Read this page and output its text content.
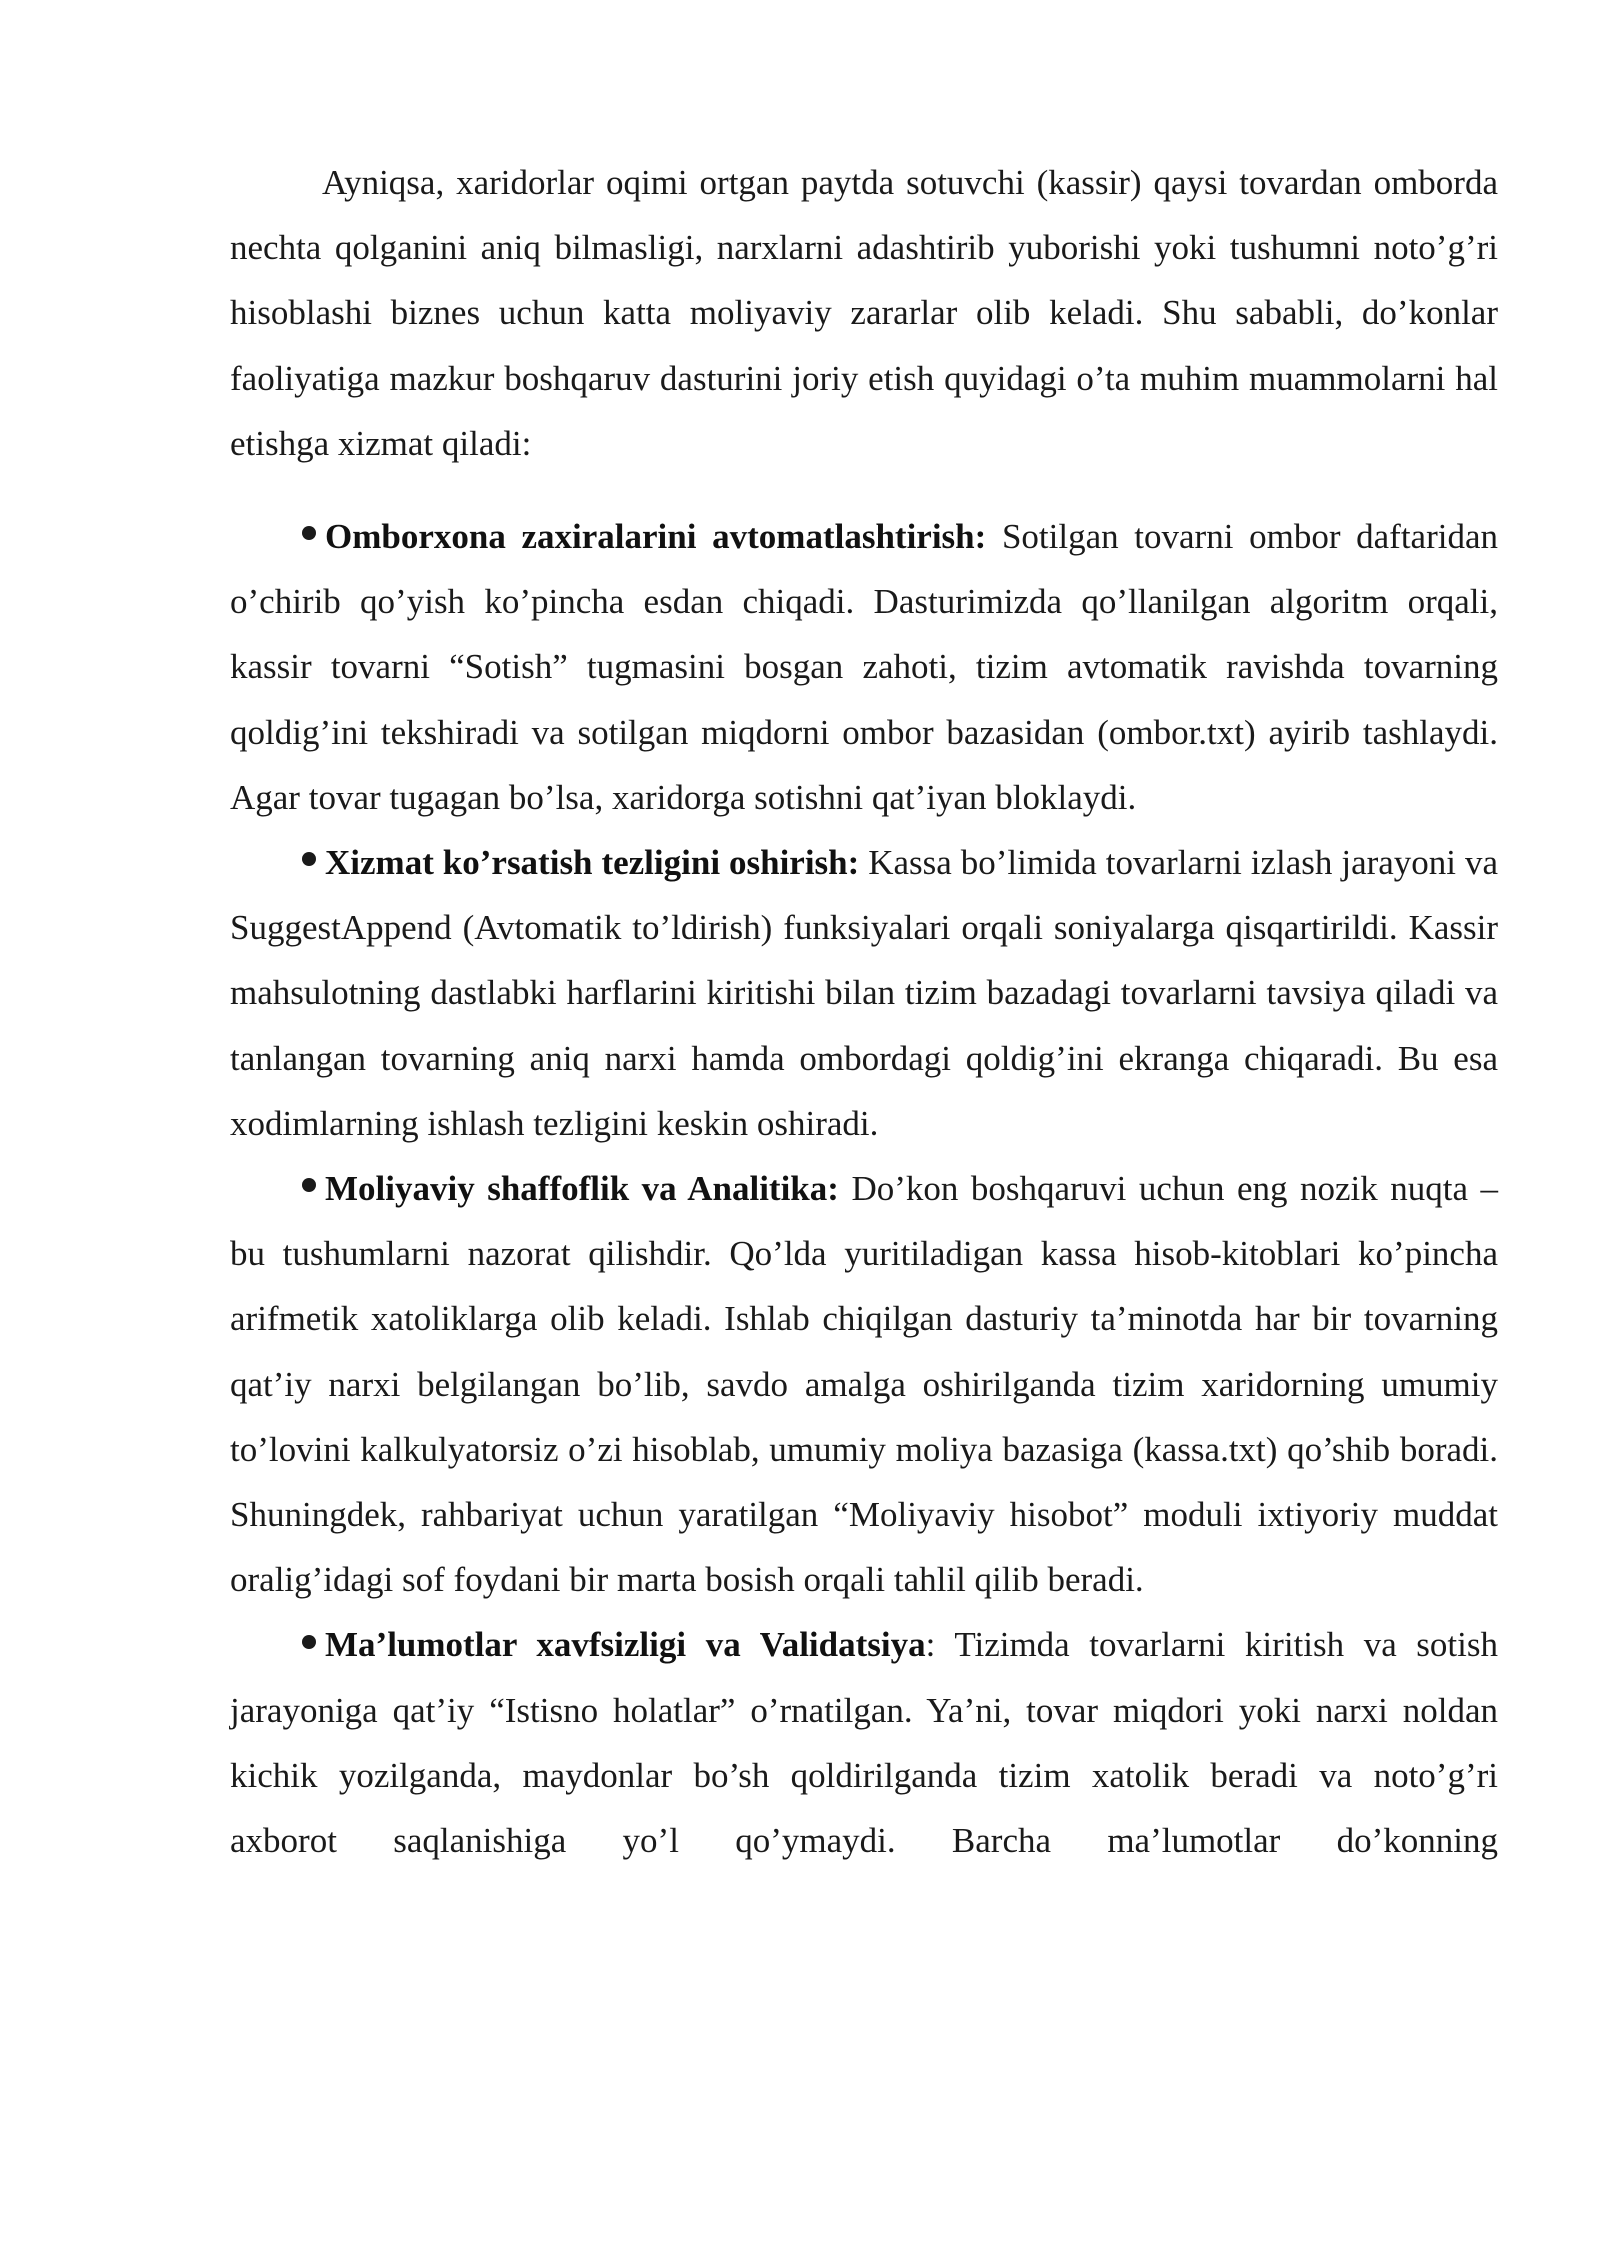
Ayniqsa, xaridorlar oqimi ortgan paytda sotuvchi (kassir) qaysi tovardan omborda nechta qolganini aniq bilmasligi, narxlarni adashtirib yuborishi yoki tushumni noto’g’ri hisoblashi biznes uchun katta moliyaviy zararlar olib keladi. Shu sababli, do’konlar faoliyatiga mazkur boshqaruv dasturini joriy etish quyidagi o’ta muhim muammolarni hal etishga xizmat qiladi:

Omborxona zaxiralarini avtomatlashtirish: Sotilgan tovarni ombor daftaridan o’chirib qo’yish ko’pincha esdan chiqadi. Dasturimizda qo’llanilgan algoritm orqali, kassir tovarni “Sotish” tugmasini bosgan zahoti, tizim avtomatik ravishda tovarning qoldig’ini tekshiradi va sotilgan miqdorni ombor bazasidan (ombor.txt) ayirib tashlaydi. Agar tovar tugagan bo’lsa, xaridorga sotishni qat’iyan bloklaydi.

Xizmat ko’rsatish tezligini oshirish: Kassa bo’limida tovarlarni izlash jarayoni va SuggestAppend (Avtomatik to’ldirish) funksiyalari orqali soniyalarga qisqartirildi. Kassir mahsulotning dastlabki harflarini kiritishi bilan tizim bazadagi tovarlarni tavsiya qiladi va tanlangan tovarning aniq narxi hamda ombordagi qoldig’ini ekranga chiqaradi. Bu esa xodimlarning ishlash tezligini keskin oshiradi.

Moliyaviy shaffoflik va Analitika: Do’kon boshqaruvi uchun eng nozik nuqta – bu tushumlarni nazorat qilishdir. Qo’lda yuritiladigan kassa hisob-kitoblari ko’pincha arifmetik xatoliklarga olib keladi. Ishlab chiqilgan dasturiy ta’minotda har bir tovarning qat’iy narxi belgilangan bo’lib, savdo amalga oshirilganda tizim xaridorning umumiy to’lovini kalkulyatorsiz o’zi hisoblab, umumiy moliya bazasiga (kassa.txt) qo’shib boradi. Shuningdek, rahbariyat uchun yaratilgan “Moliyaviy hisobot” moduli ixtiyoriy muddat oralig’idagi sof foydani bir marta bosish orqali tahlil qilib beradi.

Ma’lumotlar xavfsizligi va Validatsiya: Tizimda tovarlarni kiritish va sotish jarayoniga qat’iy “Istisno holatlar” o’rnatilgan. Ya’ni, tovar miqdori yoki narxi noldan kichik yozilganda, maydonlar bo’sh qoldirilganda tizim xatolik beradi va noto’g’ri axborot saqlanishiga yo’l qo’ymaydi. Barcha ma’lumotlar do’konning
